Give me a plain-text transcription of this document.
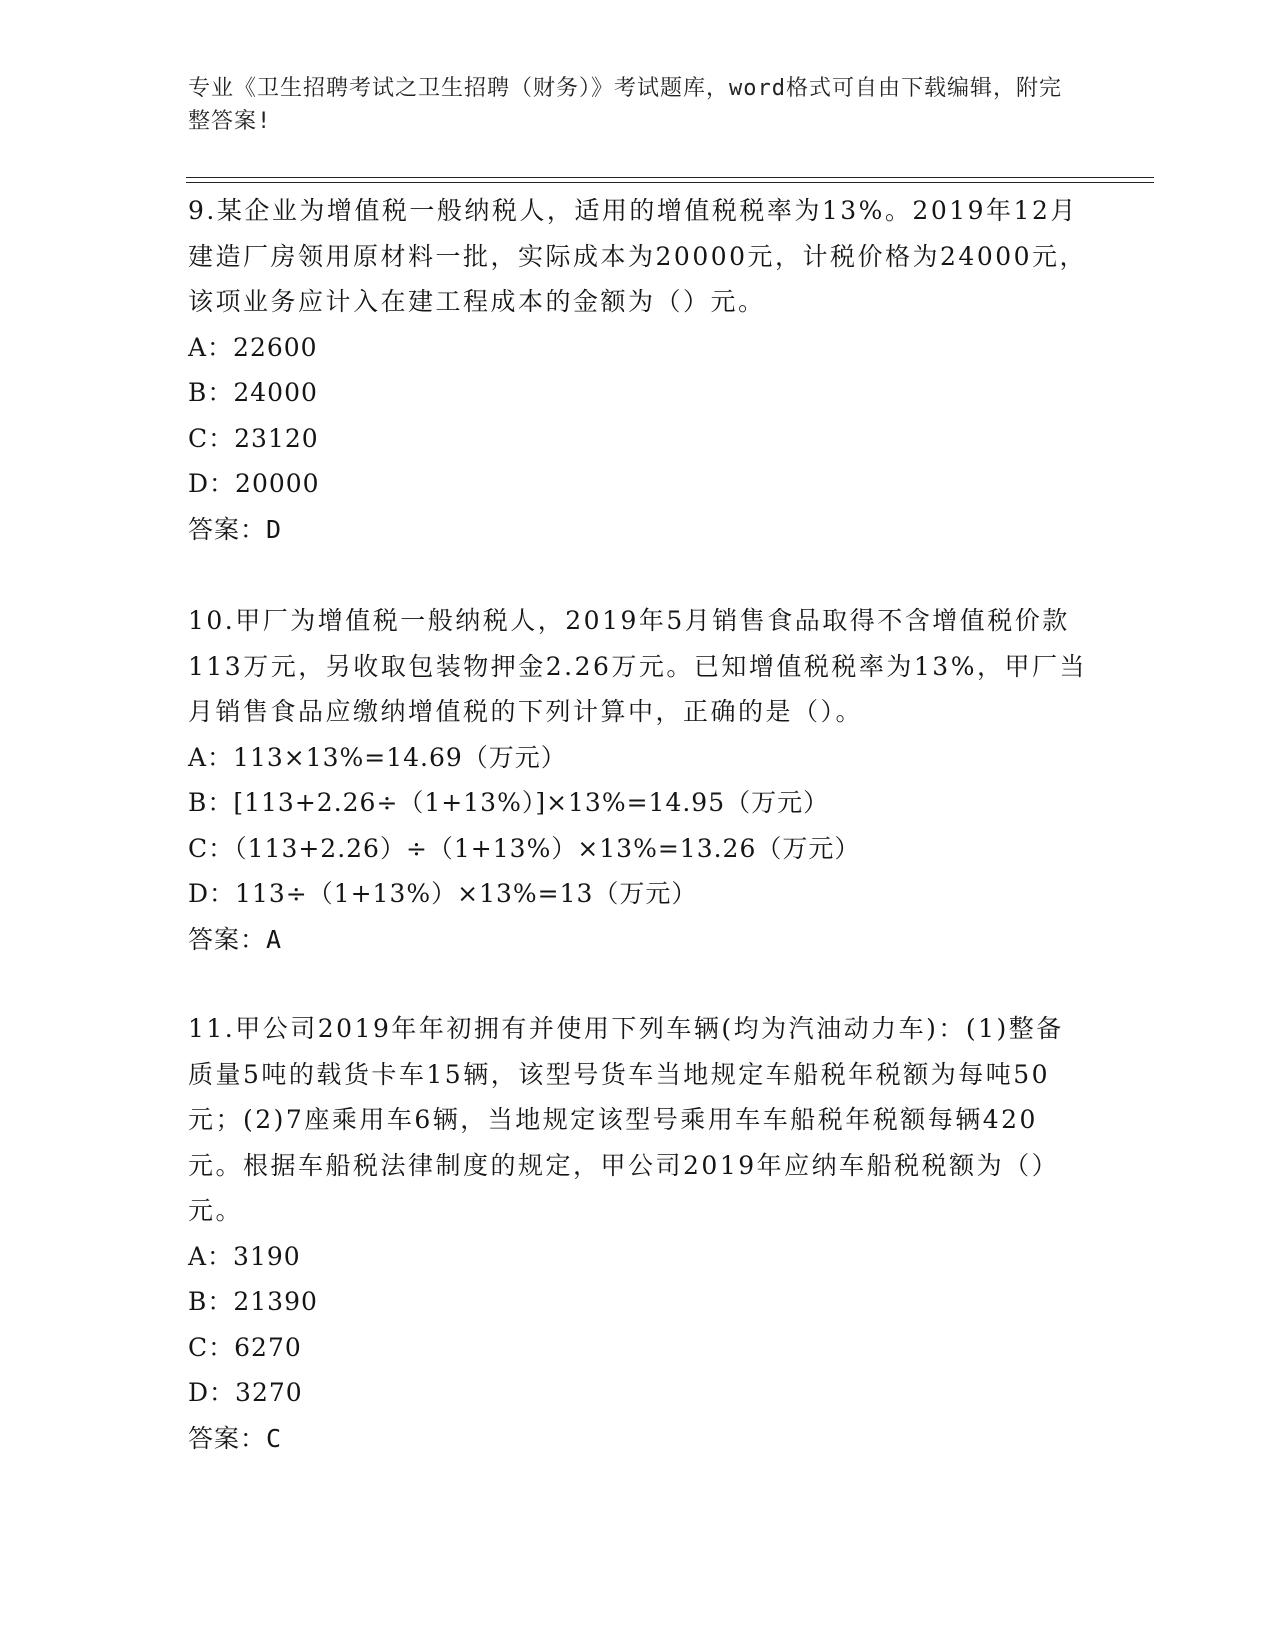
专业《卫生招聘考试之卫生招聘（财务）》考试题库，word格式可自由下载编辑，附完整答案!

9.某企业为增值税一般纳税人，适用的增值税税率为13%。2019年12月建造厂房领用原材料一批，实际成本为20000元，计税价格为24000元，该项业务应计入在建工程成本的金额为（）元。

A：22600

B：24000

C：23120

D：20000

答案：D

10.甲厂为增值税一般纳税人，2019年5月销售食品取得不含增值税价款113万元，另收取包装物押金2.26万元。已知增值税税率为13%，甲厂当月销售食品应缴纳增值税的下列计算中，正确的是（）。

A：113×13%=14.69（万元）

B：[113+2.26÷（1+13%）]×13%=14.95（万元）

C：（113+2.26）÷（1+13%）×13%=13.26（万元）

D：113÷（1+13%）×13%=13（万元）

答案：A

11.甲公司2019年年初拥有并使用下列车辆(均为汽油动力车)：(1)整备质量5吨的载货卡车15辆，该型号货车当地规定车船税年税额为每吨50元；(2)7座乘用车6辆，当地规定该型号乘用车车船税年税额每辆420元。根据车船税法律制度的规定，甲公司2019年应纳车船税税额为（）元。

A：3190

B：21390

C：6270

D：3270

答案：C
